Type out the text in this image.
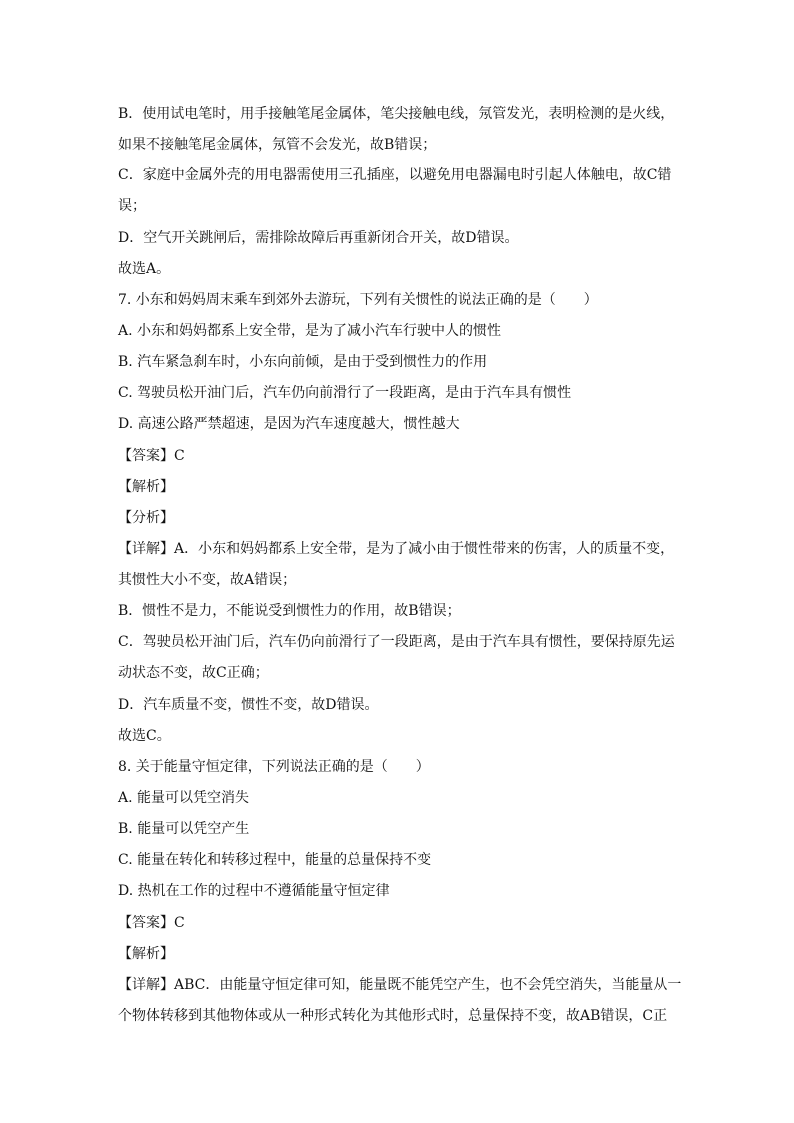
B．使用试电笔时，用手接触笔尾金属体，笔尖接触电线，氖管发光，表明检测的是火线，
如果不接触笔尾金属体，氖管不会发光，故B错误；
C．家庭中金属外壳的用电器需使用三孔插座，以避免用电器漏电时引起人体触电，故C错
误；
D．空气开关跳闸后，需排除故障后再重新闭合开关，故D错误。
故选A。
7. 小东和妈妈周末乘车到郊外去游玩，下列有关惯性的说法正确的是（　　）
A. 小东和妈妈都系上安全带，是为了减小汽车行驶中人的惯性
B. 汽车紧急刹车时，小东向前倾，是由于受到惯性力的作用
C. 驾驶员松开油门后，汽车仍向前滑行了一段距离，是由于汽车具有惯性
D. 高速公路严禁超速，是因为汽车速度越大，惯性越大
【答案】C
【解析】
【分析】
【详解】A．小东和妈妈都系上安全带，是为了减小由于惯性带来的伤害，人的质量不变，
其惯性大小不变，故A错误；
B．惯性不是力，不能说受到惯性力的作用，故B错误；
C．驾驶员松开油门后，汽车仍向前滑行了一段距离，是由于汽车具有惯性，要保持原先运
动状态不变，故C正确；
D．汽车质量不变，惯性不变，故D错误。
故选C。
8. 关于能量守恒定律，下列说法正确的是（　　）
A. 能量可以凭空消失
B. 能量可以凭空产生
C. 能量在转化和转移过程中，能量的总量保持不变
D. 热机在工作的过程中不遵循能量守恒定律
【答案】C
【解析】
【详解】ABC．由能量守恒定律可知，能量既不能凭空产生，也不会凭空消失，当能量从一
个物体转移到其他物体或从一种形式转化为其他形式时，总量保持不变，故AB错误，C正
